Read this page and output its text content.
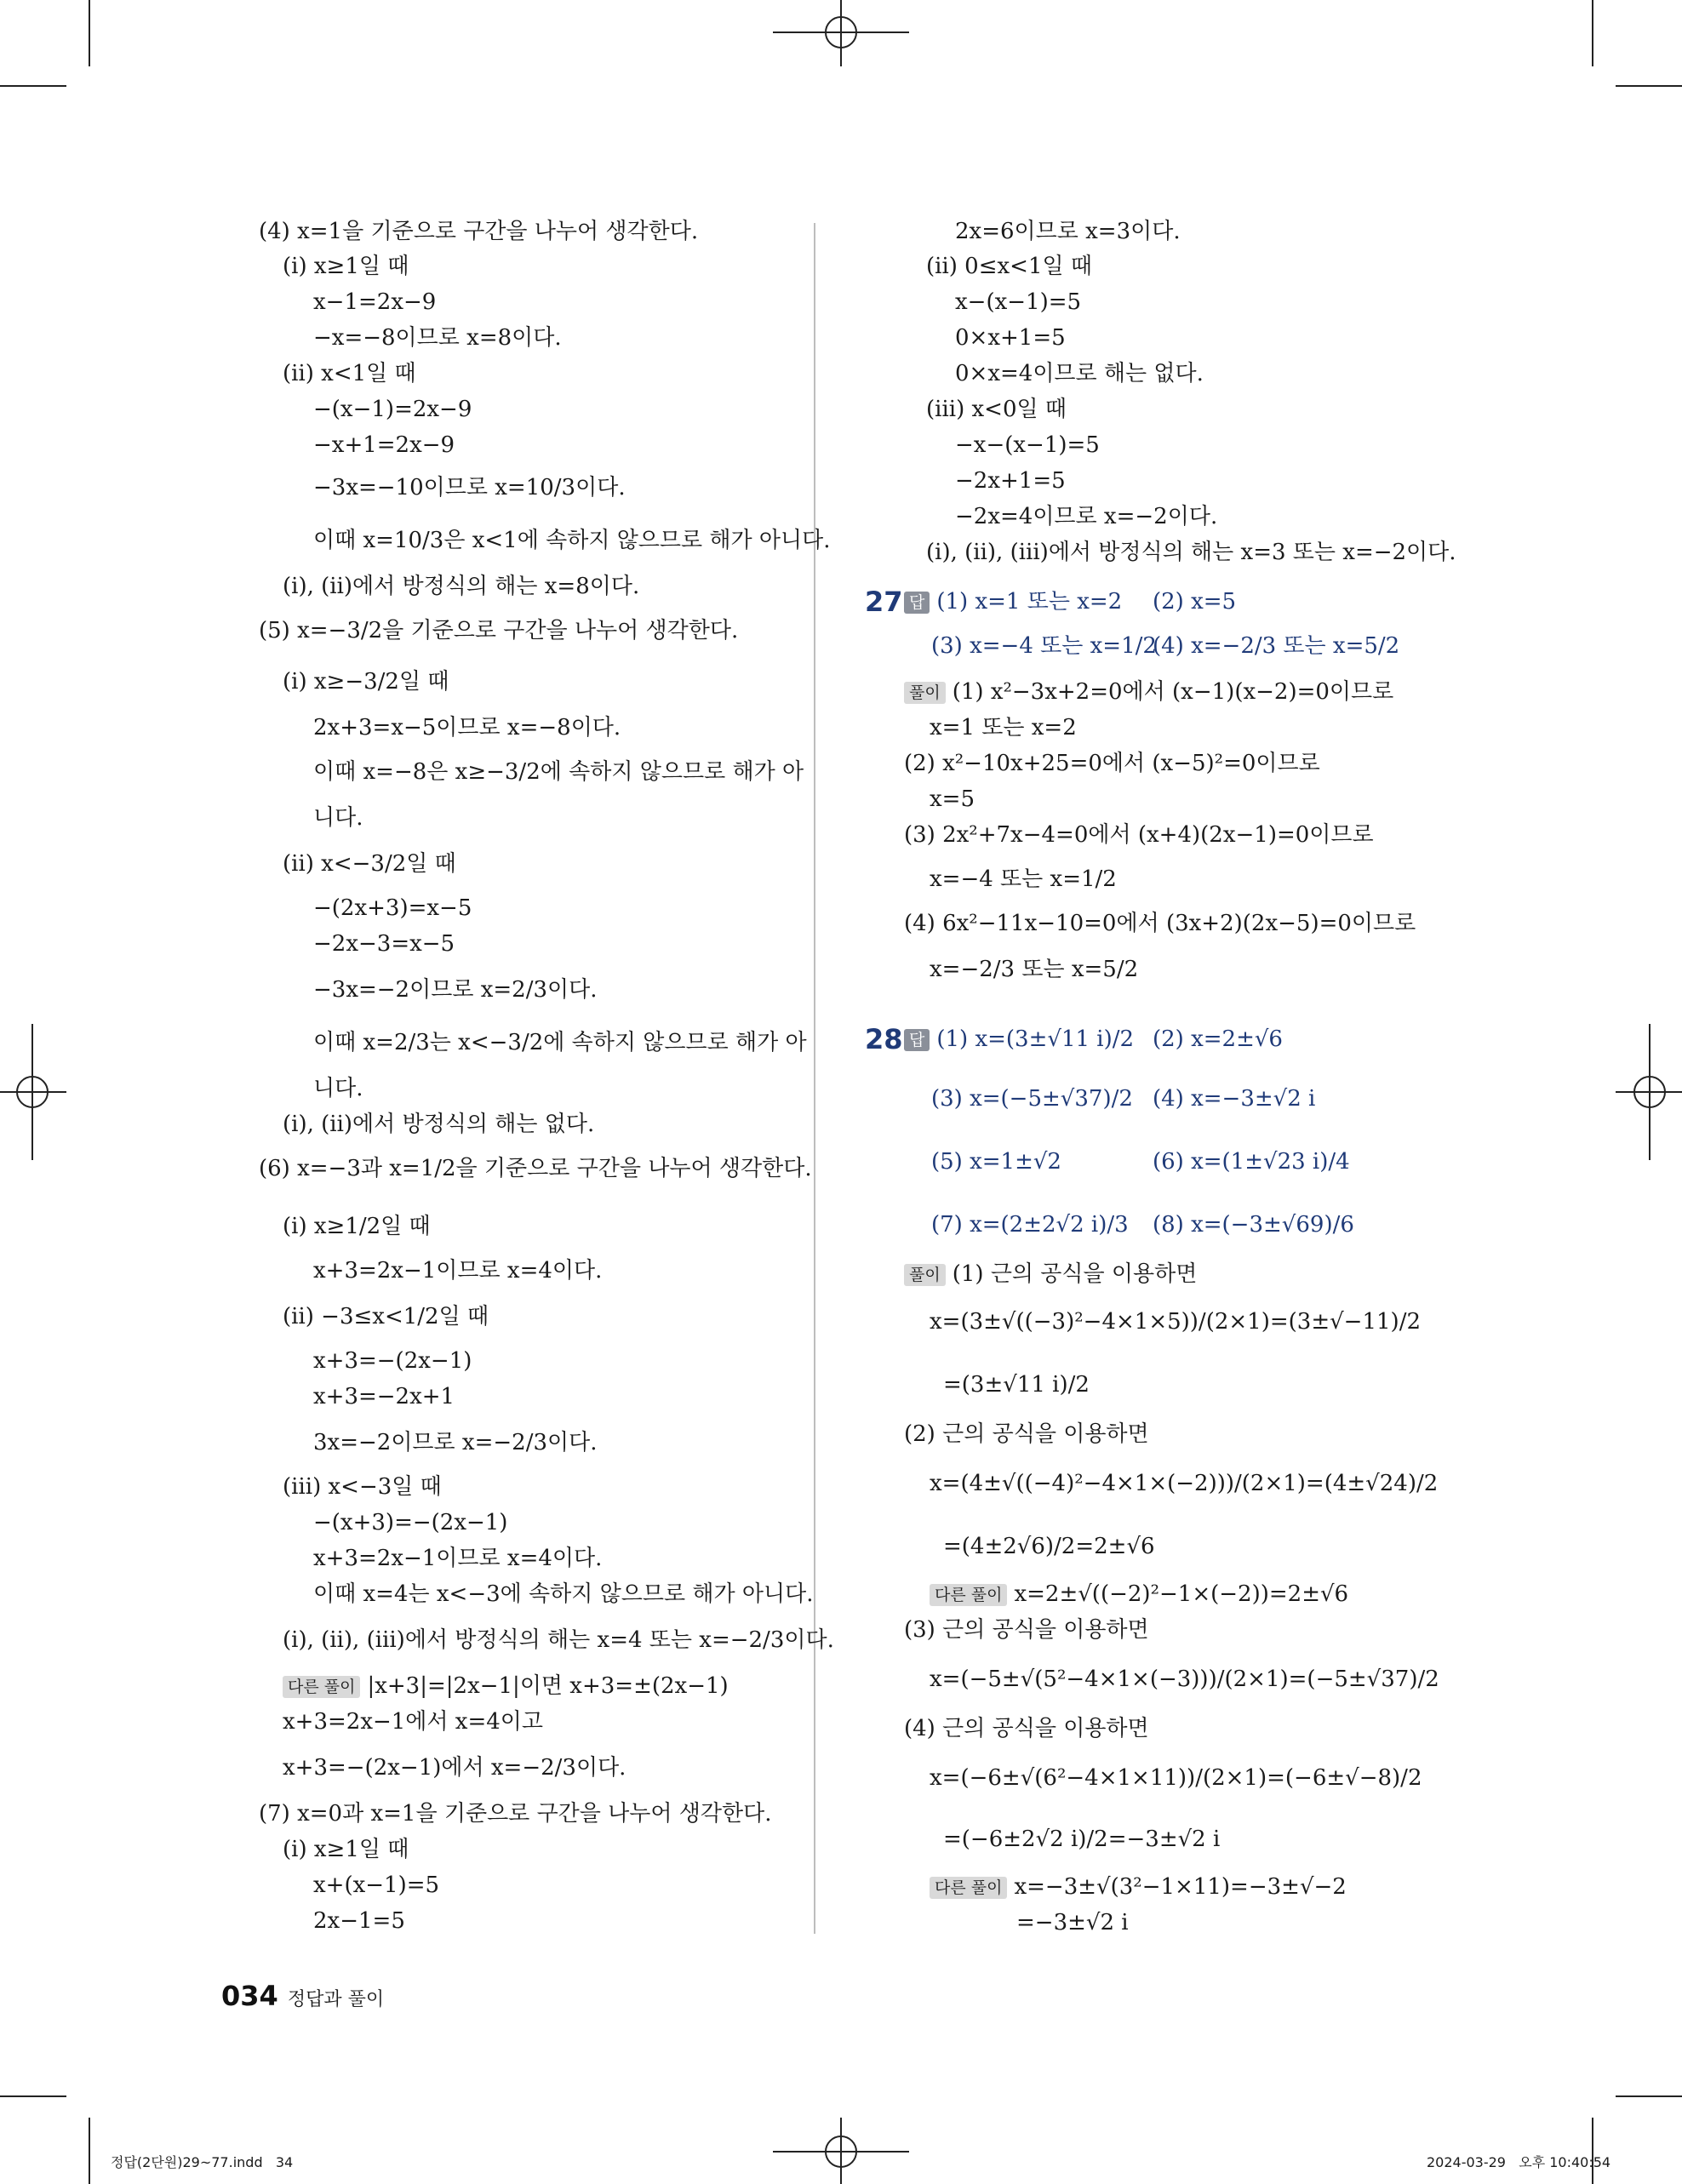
(4) x=1을 기준으로 구간을 나누어 생각한다.
(ⅰ) x≥1일 때
x−1=2x−9
−x=−8이므로 x=8이다.
(ⅱ) x<1일 때
−(x−1)=2x−9
−x+1=2x−9
−3x=−10이므로 x=10/3이다.
이때 x=10/3은 x<1에 속하지 않으므로 해가 아니다.
(ⅰ), (ⅱ)에서 방정식의 해는 x=8이다.
(5) x=−3/2을 기준으로 구간을 나누어 생각한다.
(ⅰ) x≥−3/2일 때
2x+3=x−5이므로 x=−8이다.
이때 x=−8은 x≥−3/2에 속하지 않으므로 해가 아
니다.
(ⅱ) x<−3/2일 때
−(2x+3)=x−5
−2x−3=x−5
−3x=−2이므로 x=2/3이다.
이때 x=2/3는 x<−3/2에 속하지 않으므로 해가 아
니다.
(ⅰ), (ⅱ)에서 방정식의 해는 없다.
(6) x=−3과 x=1/2을 기준으로 구간을 나누어 생각한다.
(ⅰ) x≥1/2일 때
x+3=2x−1이므로 x=4이다.
(ⅱ) −3≤x<1/2일 때
x+3=−(2x−1)
x+3=−2x+1
3x=−2이므로 x=−2/3이다.
(ⅲ) x<−3일 때
−(x+3)=−(2x−1)
x+3=2x−1이므로 x=4이다.
이때 x=4는 x<−3에 속하지 않으므로 해가 아니다.
(ⅰ), (ⅱ), (ⅲ)에서 방정식의 해는 x=4 또는 x=−2/3이다.
다른 풀이 |x+3|=|2x−1|이면 x+3=±(2x−1)
x+3=2x−1에서 x=4이고
x+3=−(2x−1)에서 x=−2/3이다.
(7) x=0과 x=1을 기준으로 구간을 나누어 생각한다.
(ⅰ) x≥1일 때
x+(x−1)=5
2x−1=5
2x=6이므로 x=3이다.
(ⅱ) 0≤x<1일 때
x−(x−1)=5
0×x+1=5
0×x=4이므로 해는 없다.
(ⅲ) x<0일 때
−x−(x−1)=5
−2x+1=5
−2x=4이므로 x=−2이다.
(ⅰ), (ⅱ), (ⅲ)에서 방정식의 해는 x=3 또는 x=−2이다.
27 답 (1) x=1 또는 x=2 (2) x=5
(3) x=−4 또는 x=1/2
(4) x=−2/3 또는 x=5/2
풀이 (1) x²−3x+2=0에서 (x−1)(x−2)=0이므로
x=1 또는 x=2
(2) x²−10x+25=0에서 (x−5)²=0이므로
x=5
(3) 2x²+7x−4=0에서 (x+4)(2x−1)=0이므로
x=−4 또는 x=1/2
(4) 6x²−11x−10=0에서 (3x+2)(2x−5)=0이므로
x=−2/3 또는 x=5/2
28 답 (1) x=(3±√11 i)/2 (2) x=2±√6
(3) x=(−5±√37)/2 (4) x=−3±√2 i
(5) x=1±√2	(6) x=(1±√23 i)/4
(7) x=(2±2√2 i)/3 (8) x=(−3±√69)/6
풀이 (1) 근의 공식을 이용하면
x=(3±√((−3)²−4×1×5))/(2×1)=(3±√−11)/2
=(3±√11 i)/2
(2) 근의 공식을 이용하면
x=(4±√((−4)²−4×1×(−2)))/(2×1)=(4±√24)/2
=(4±2√6)/2=2±√6
다른 풀이 x=2±√((−2)²−1×(−2))=2±√6
(3) 근의 공식을 이용하면
x=(−5±√(5²−4×1×(−3)))/(2×1)=(−5±√37)/2
(4) 근의 공식을 이용하면
x=(−6±√(6²−4×1×11))/(2×1)=(−6±√−8)/2
=(−6±2√2 i)/2=−3±√2 i
다른 풀이 x=−3±√(3²−1×11)=−3±√−2
=−3±√2 i
034 정답과 풀이
정답(2단원)29~77.indd   34	2024-03-29   오후 10:40:54
